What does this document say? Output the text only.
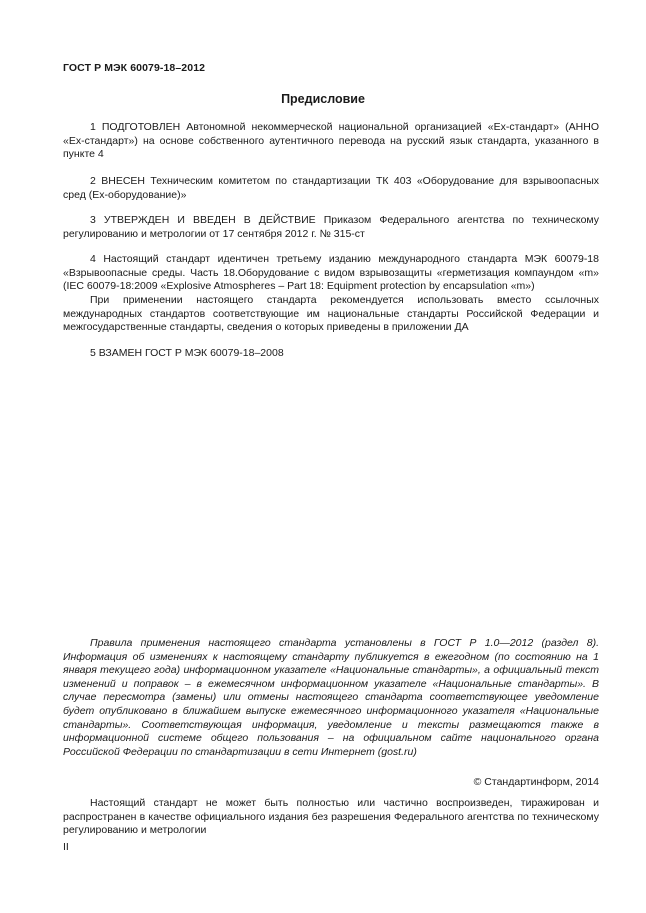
ГОСТ Р МЭК 60079-18–2012
Предисловие

1 ПОДГОТОВЛЕН Автономной некоммерческой национальной организацией «Ех-стандарт» (АННО «Ех-стандарт») на основе собственного аутентичного перевода на русский язык стандарта, указанного в пункте 4

2 ВНЕСЕН Техническим комитетом по стандартизации ТК 403 «Оборудование для взрывоопасных сред (Ех-оборудование)»

3 УТВЕРЖДЕН И ВВЕДЕН В ДЕЙСТВИЕ Приказом Федерального агентства по техническому регулированию и метрологии от 17 сентября 2012 г. № 315-ст

4 Настоящий стандарт идентичен третьему изданию международного стандарта МЭК 60079-18 «Взрывоопасные среды. Часть 18.Оборудование с видом взрывозащиты «герметизация компаундом «m» (IEC 60079-18:2009 «Explosive Atmospheres – Part 18: Equipment protection by encapsulation «m»)

При применении настоящего стандарта рекомендуется использовать вместо ссылочных международных стандартов соответствующие им национальные стандарты Российской Федерации и межгосударственные стандарты, сведения о которых приведены в приложении ДА

5 ВЗАМЕН ГОСТ Р МЭК 60079-18–2008

Правила применения настоящего стандарта установлены в ГОСТ Р 1.0—2012 (раздел 8). Информация об изменениях к настоящему стандарту публикуется в ежегодном (по состоянию на 1 января текущего года) информационном указателе «Национальные стандарты», а официальный текст изменений и поправок – в ежемесячном информационном указателе «Национальные стандарты». В случае пересмотра (замены) или отмены настоящего стандарта соответствующее уведомление будет опубликовано в ближайшем выпуске ежемесячного информационного указателя «Национальные стандарты». Соответствующая информация, уведомление и тексты размещаются также в информационной системе общего пользования – на официальном сайте национального органа Российской Федерации по стандартизации в сети Интернет (gost.ru)

© Стандартинформ, 2014

Настоящий стандарт не может быть полностью или частично воспроизведен, тиражирован и распространен в качестве официального издания без разрешения Федерального агентства по техническому регулированию и метрологии

II
